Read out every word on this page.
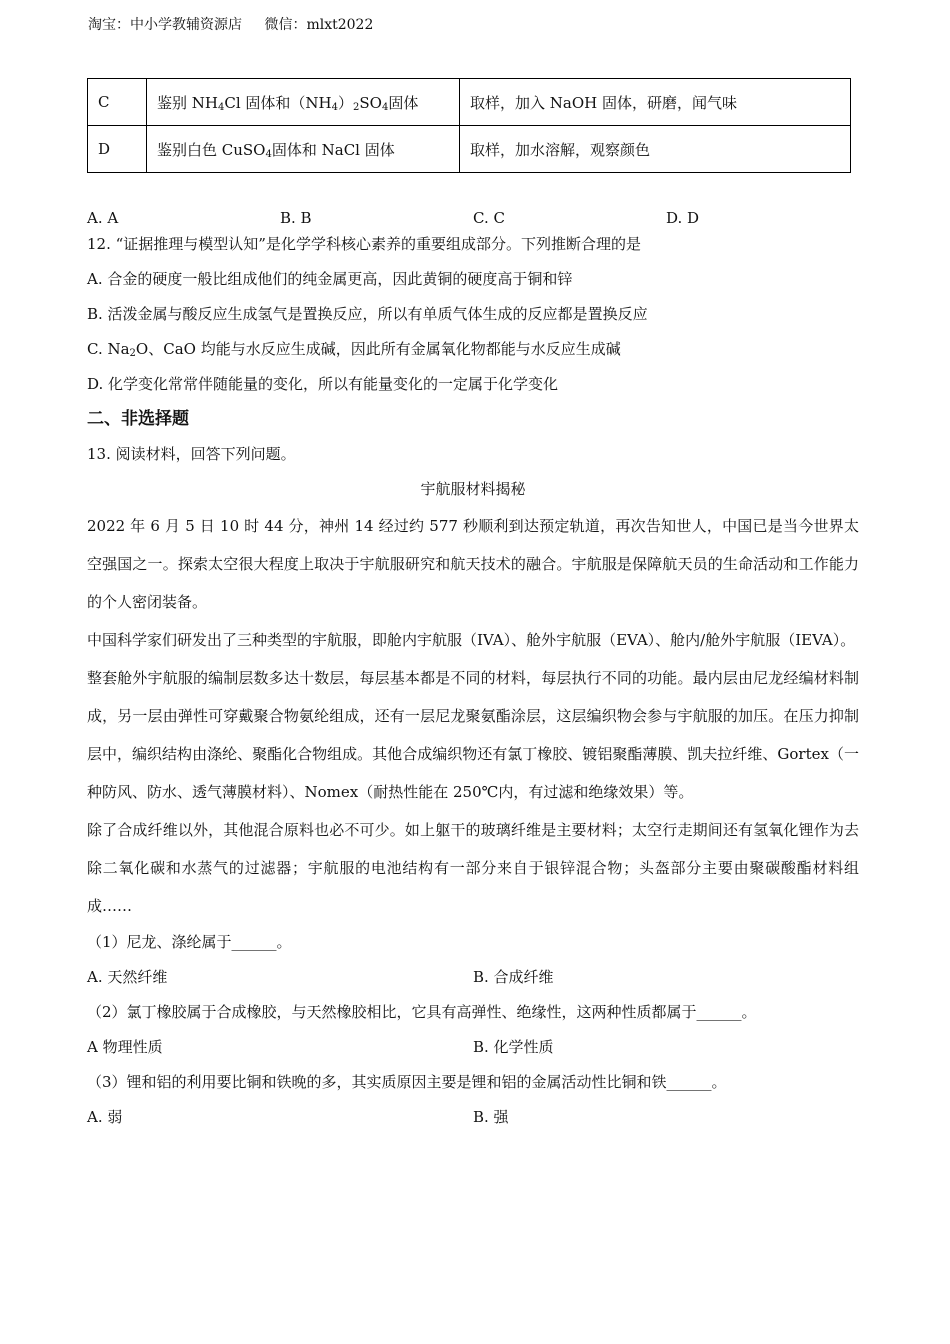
淘宝：中小学教辅资源店 微信：mlxt2022
C	鉴别 $NH_4Cl$ 固体和$(NH_4)_2SO_4$固体	取样，加入 NaOH 固体，研磨，闻气味
D	鉴别白色 CuSO$_4$固体和 NaCl 固体	取样，加水溶解，观察颜色
A. A	B. B	C. C	D. D
12. “证据推理与模型认知”是化学学科核心素养的重要组成部分。下列推断合理的是
A. 合金的硬度一般比组成他们的纯金属更高，因此黄铜的硬度高于铜和锌
B. 活泼金属与酸反应生成氢气是置换反应，所以有单质气体生成的反应都是置换反应
C. $Na_2O$、CaO 均能与水反应生成碱，因此所有金属氧化物都能与水反应生成碱
D. 化学变化常常伴随能量的变化，所以有能量变化的一定属于化学变化
二、非选择题
13. 阅读材料，回答下列问题。
宇航服材料揭秘
2022 年 6 月 5 日 10 时 44 分，神州 14 经过约 577 秒顺利到达预定轨道，再次告知世人，中国已是当今世界太空强国之一。探索太空很大程度上取决于宇航服研究和航天技术的融合。宇航服是保障航天员的生命活动和工作能力的个人密闭装备。
中国科学家们研发出了三种类型的宇航服，即舱内宇航服（IVA）、舱外宇航服（EVA）、舱内/舱外宇航服（IEVA）。
整套舱外宇航服的编制层数多达十数层，每层基本都是不同的材料，每层执行不同的功能。最内层由尼龙经编材料制成，另一层由弹性可穿戴聚合物氨纶组成，还有一层尼龙聚氨酯涂层，这层编织物会参与宇航服的加压。在压力抑制层中，编织结构由涤纶、聚酯化合物组成。其他合成编织物还有氯丁橡胶、镀铝聚酯薄膜、凯夫拉纤维、Gortex（一种防风、防水、透气薄膜材料）、Nomex（耐热性能在 250℃内，有过滤和绝缘效果）等。
除了合成纤维以外，其他混合原料也必不可少。如上躯干的玻璃纤维是主要材料；太空行走期间还有氢氧化锂作为去除二氧化碳和水蒸气的过滤器；宇航服的电池结构有一部分来自于银锌混合物；头盔部分主要由聚碳酸酯材料组成……
（1）尼龙、涤纶属于______。
A. 天然纤维	B. 合成纤维
（2）氯丁橡胶属于合成橡胶，与天然橡胶相比，它具有高弹性、绝缘性，这两种性质都属于______。
A 物理性质	B. 化学性质
（3）锂和铝的利用要比铜和铁晚的多，其实质原因主要是锂和铝的金属活动性比铜和铁______。
A. 弱	B. 强
